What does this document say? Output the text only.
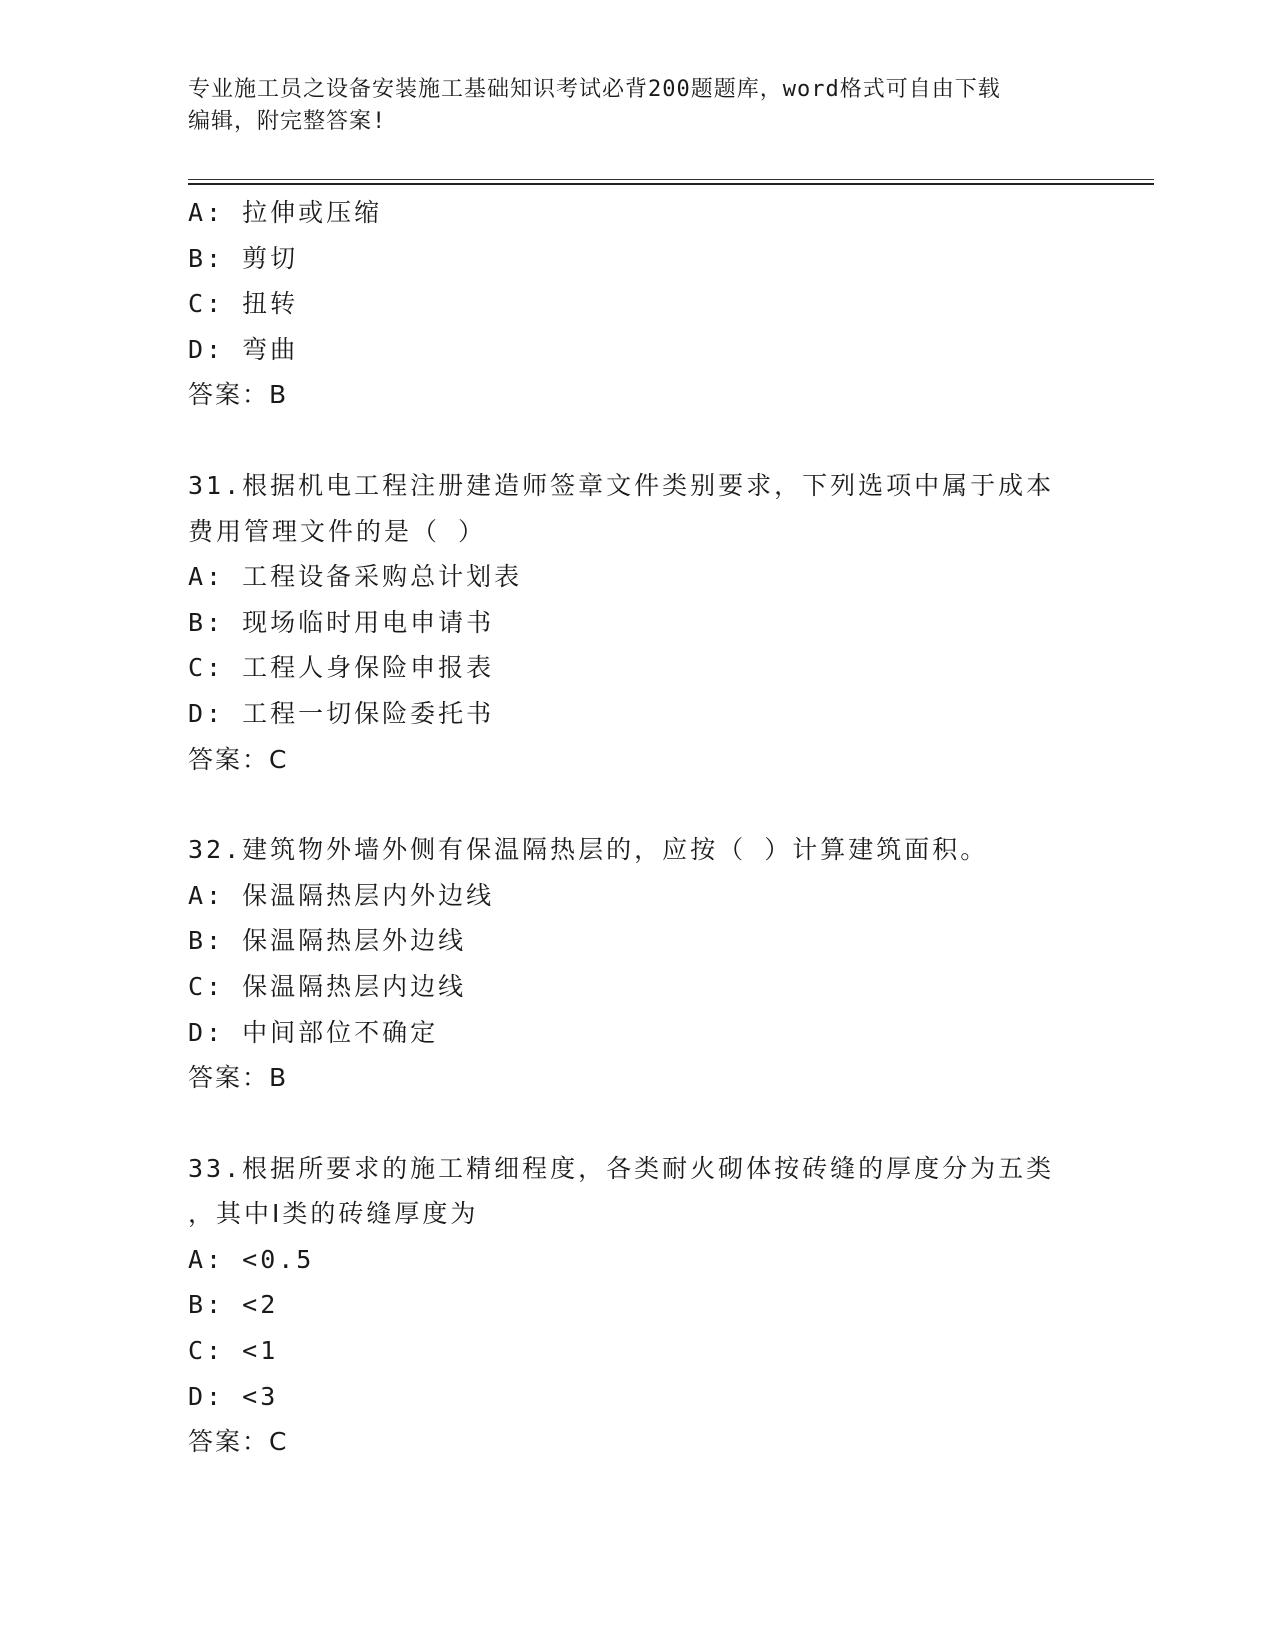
专业施工员之设备安装施工基础知识考试必背200题题库，word格式可自由下载
编辑，附完整答案!
A: 拉伸或压缩
B: 剪切
C: 扭转
D: 弯曲
答案：B
31.根据机电工程注册建造师签章文件类别要求，下列选项中属于成本
费用管理文件的是（ ）
A: 工程设备采购总计划表
B: 现场临时用电申请书
C: 工程人身保险申报表
D: 工程一切保险委托书
答案：C
32.建筑物外墙外侧有保温隔热层的，应按（ ）计算建筑面积。
A: 保温隔热层内外边线
B: 保温隔热层外边线
C: 保温隔热层内边线
D: 中间部位不确定
答案：B
33.根据所要求的施工精细程度，各类耐火砌体按砖缝的厚度分为五类
，其中Ⅰ类的砖缝厚度为
A: <0.5
B: <2
C: <1
D: <3
答案：C
